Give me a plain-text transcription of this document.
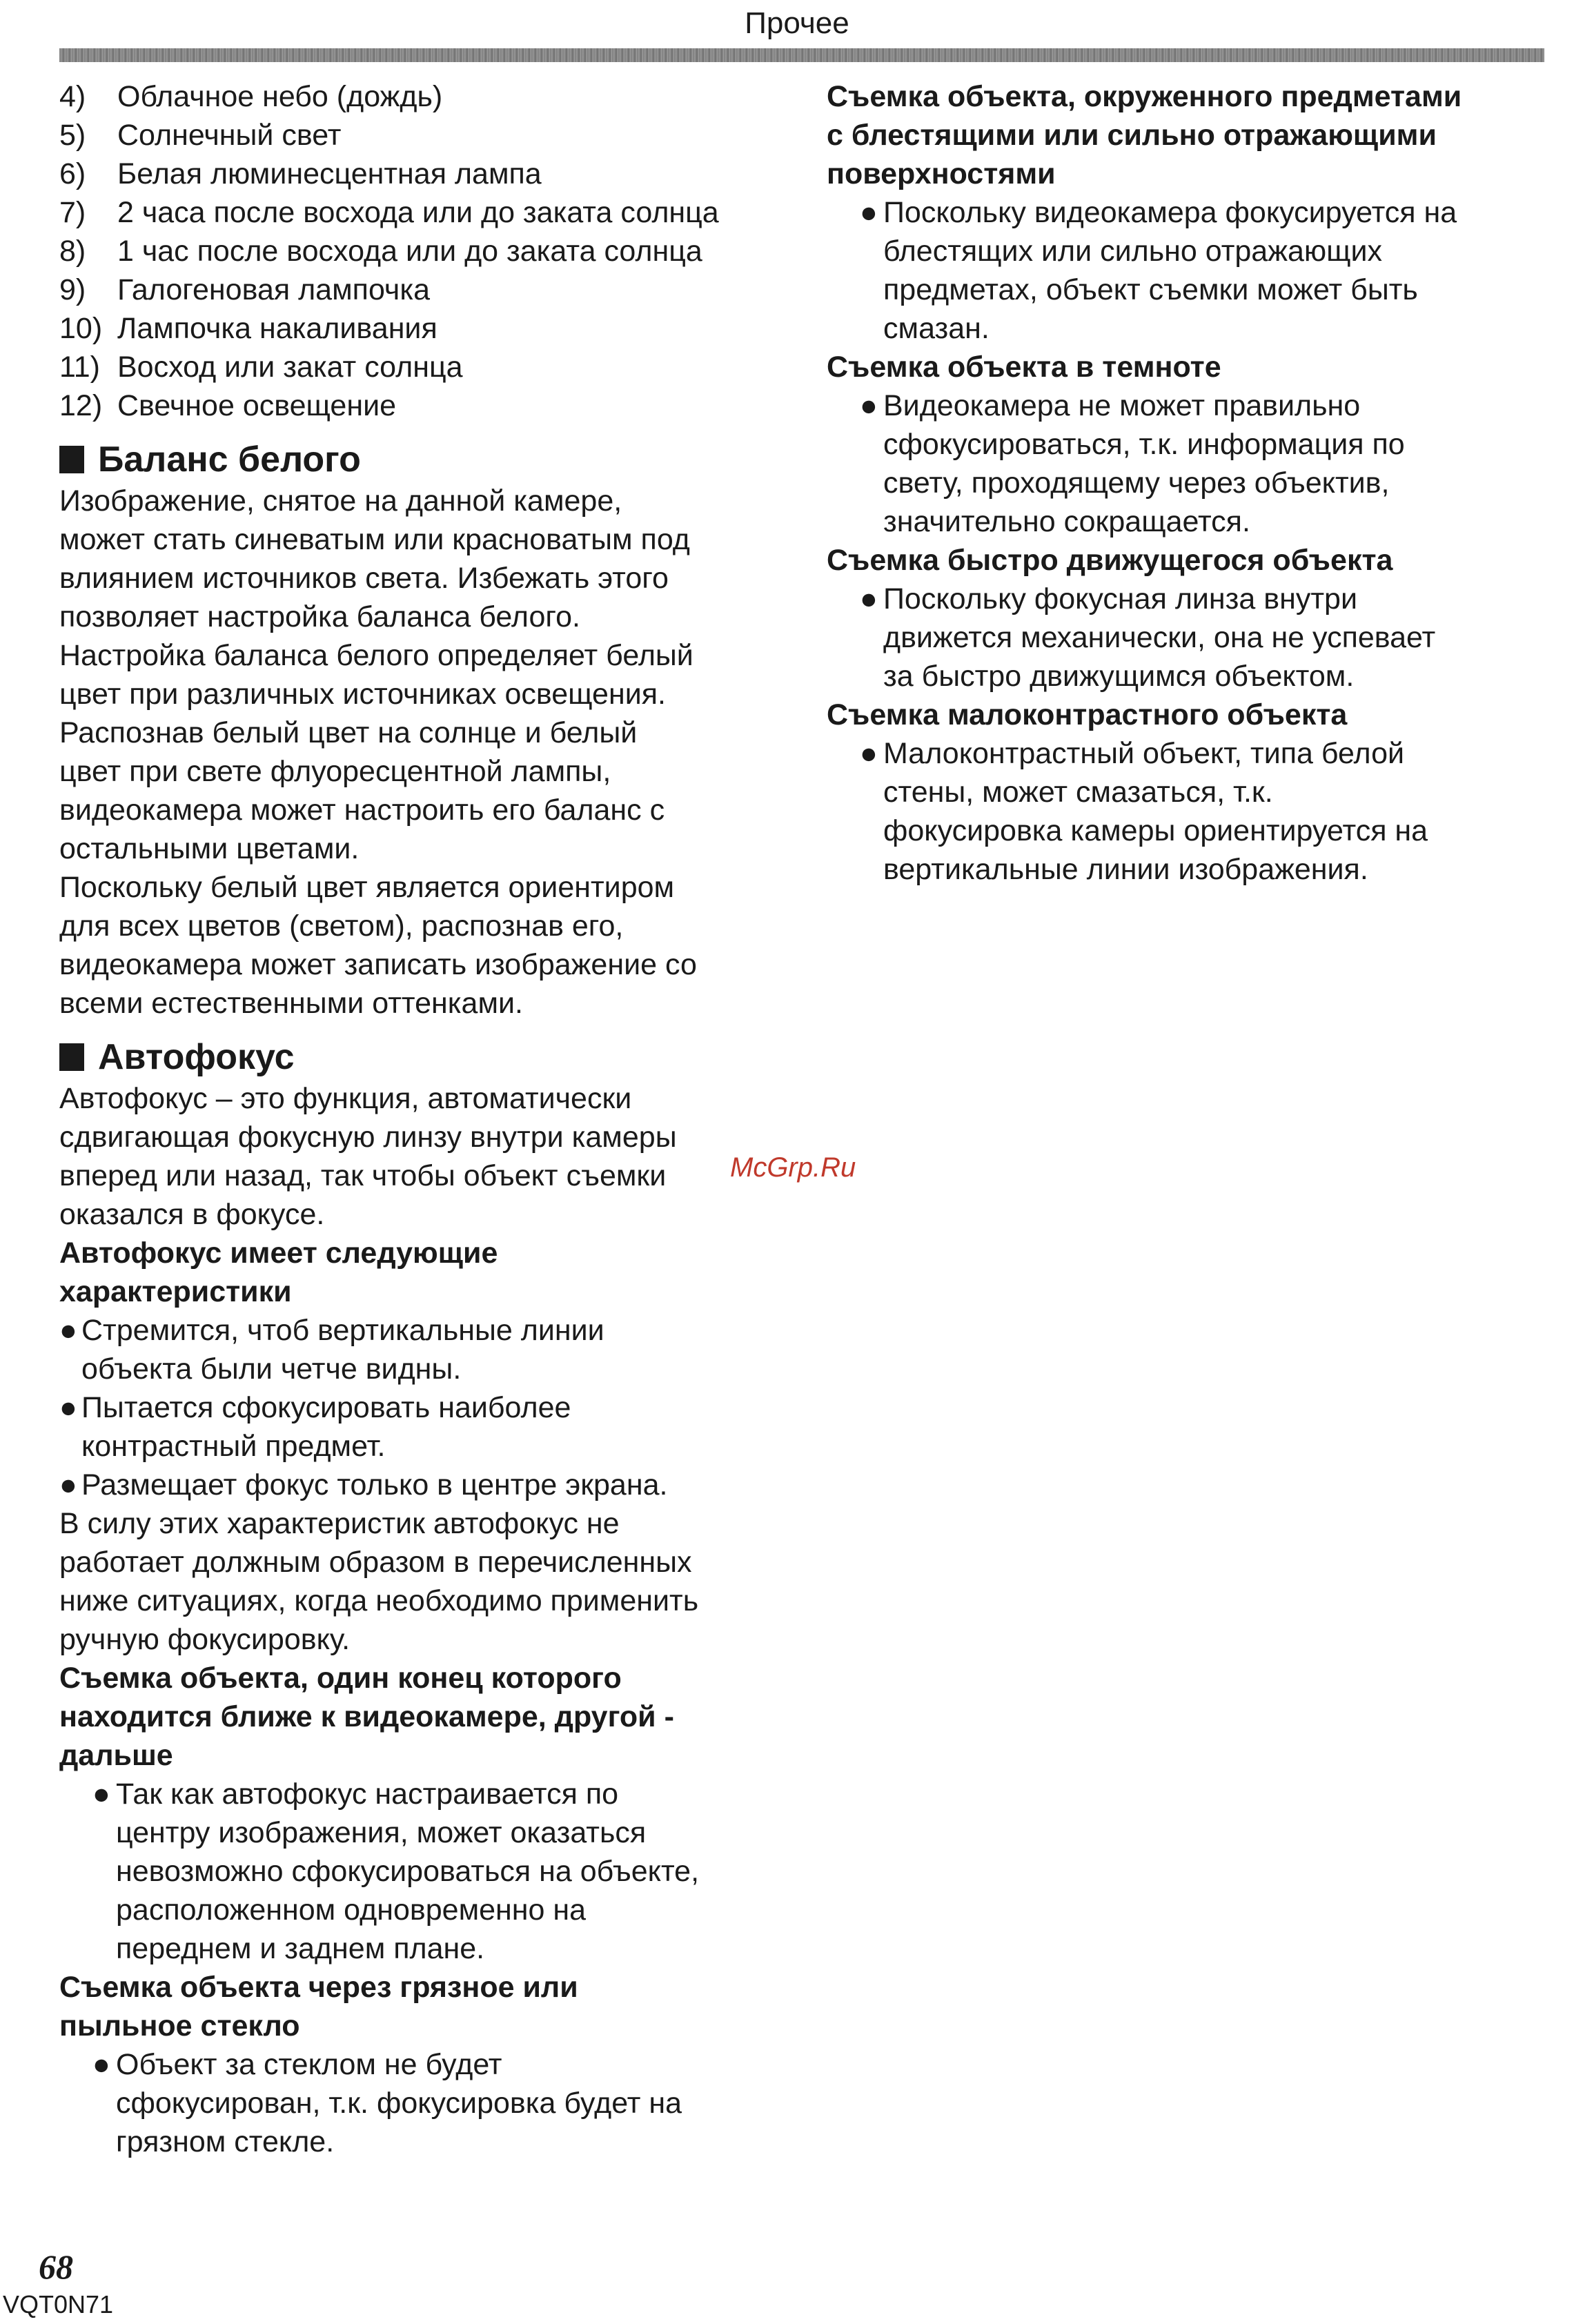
Прочее
4)	Облачное небо (дождь)
5)	Солнечный свет
6)	Белая люминесцентная лампа
7)	2 часа после восхода или до заката солнца
8)	1 час после восхода или до заката солнца
9)	Галогеновая лампочка
10) Лампочка накаливания
11) Восход или закат солнца
12) Свечное освещение
Баланс белого
Изображение, снятое на данной камере,
может стать синеватым или красноватым под
влиянием источников света. Избежать этого
позволяет настройка баланса белого.
Настройка баланса белого определяет белый
цвет при различных источниках освещения.
Распознав белый цвет на солнце и белый
цвет при свете флуоресцентной лампы,
видеокамера может настроить его баланс с
остальными цветами.
Поскольку белый цвет является ориентиром
для всех цветов (светом), распознав его,
видеокамера может записать изображение со
всеми естественными оттенками.
Автофокус
Автофокус – это функция, автоматически
сдвигающая фокусную линзу внутри камеры
вперед или назад, так чтобы объект съемки
оказался в фокусе.
Автофокус имеет следующие
характеристики
● Стремится, чтоб вертикальные линии
объекта были четче видны.
● Пытается сфокусировать наиболее
контрастный предмет.
● Размещает фокус только в центре экрана.
В силу этих характеристик автофокус не
работает должным образом в перечисленных
ниже ситуациях, когда необходимо применить
ручную фокусировку.
Съемка объекта, один конец которого
находится ближе к видеокамере, другой -
дальше
● Так как автофокус настраивается по
центру изображения, может оказаться
невозможно сфокусироваться на объекте,
расположенном одновременно на
переднем и заднем плане.
Съемка объекта через грязное или
пыльное стекло
● Объект за стеклом не будет
сфокусирован, т.к. фокусировка будет на
грязном стекле.
Съемка объекта, окруженного предметами
с блестящими или сильно отражающими
поверхностями
● Поскольку видеокамера фокусируется на
блестящих или сильно отражающих
предметах, объект съемки может быть
смазан.
Съемка объекта в темноте
● Видеокамера не может правильно
сфокусироваться, т.к. информация по
свету, проходящему через объектив,
значительно сокращается.
Съемка быстро движущегося объекта
● Поскольку фокусная линза внутри
движется механически, она не успевает
за быстро движущимся объектом.
Съемка малоконтрастного объекта
● Малоконтрастный объект, типа белой
стены, может смазаться, т.к.
фокусировка камеры ориентируется на
вертикальные линии изображения.
McGrp.Ru
68
VQT0N71
